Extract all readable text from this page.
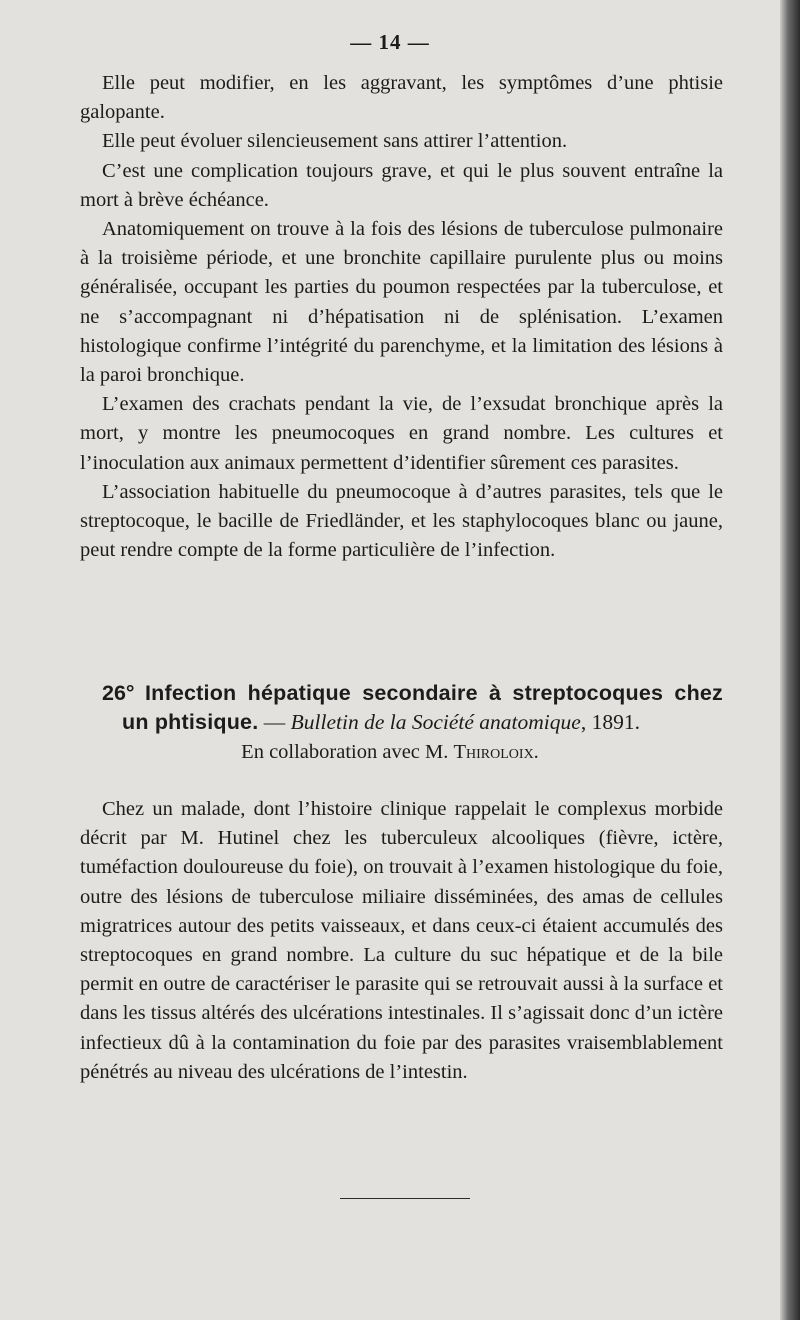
— 14 —

Elle peut modifier, en les aggravant, les symptômes d’une phtisie galopante.

Elle peut évoluer silencieusement sans attirer l’attention.

C’est une complication toujours grave, et qui le plus souvent entraîne la mort à brève échéance.

Anatomiquement on trouve à la fois des lésions de tuberculose pulmonaire à la troisième période, et une bronchite capillaire purulente plus ou moins généralisée, occupant les parties du poumon respectées par la tuberculose, et ne s’accompagnant ni d’hépatisation ni de splénisation. L’examen histologique confirme l’intégrité du parenchyme, et la limitation des lésions à la paroi bronchique.

L’examen des crachats pendant la vie, de l’exsudat bronchique après la mort, y montre les pneumocoques en grand nombre. Les cultures et l’inoculation aux animaux permettent d’identifier sûrement ces parasites.

L’association habituelle du pneumocoque à d’autres parasites, tels que le streptocoque, le bacille de Friedländer, et les staphylocoques blanc ou jaune, peut rendre compte de la forme particulière de l’infection.

26° Infection hépatique secondaire à streptocoques chez
un phtisique. — Bulletin de la Société anatomique, 1891.
En collaboration avec M. Thiroloix.

Chez un malade, dont l’histoire clinique rappelait le complexus morbide décrit par M. Hutinel chez les tuberculeux alcooliques (fièvre, ictère, tuméfaction douloureuse du foie), on trouvait à l’examen histologique du foie, outre des lésions de tuberculose miliaire disséminées, des amas de cellules migratrices autour des petits vaisseaux, et dans ceux-ci étaient accumulés des streptocoques en grand nombre. La culture du suc hépatique et de la bile permit en outre de caractériser le parasite qui se retrouvait aussi à la surface et dans les tissus altérés des ulcérations intestinales. Il s’agissait donc d’un ictère infectieux dû à la contamination du foie par des parasites vraisemblablement pénétrés au niveau des ulcérations de l’intestin.
